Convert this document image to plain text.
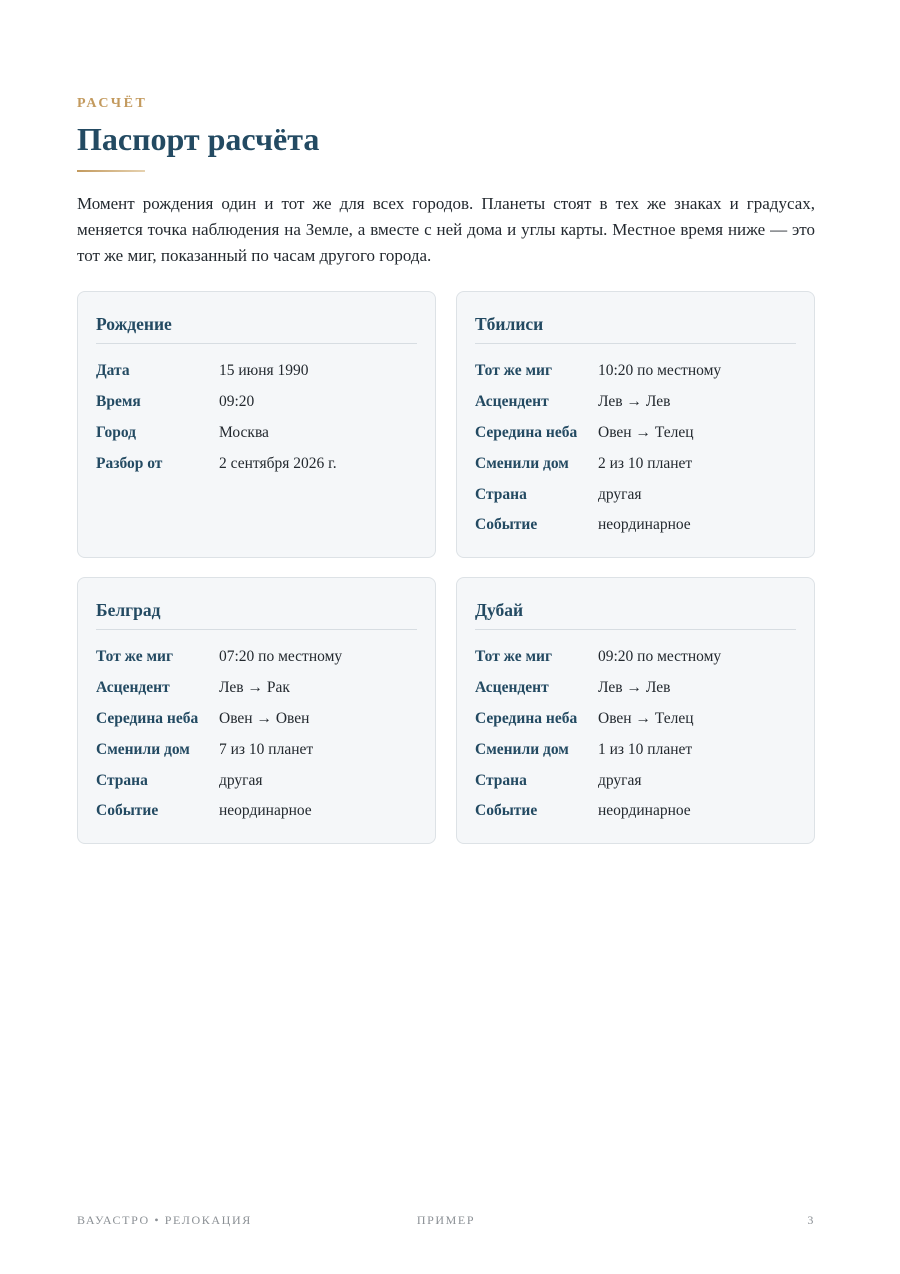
РАСЧЁТ
Паспорт расчёта

Момент рождения один и тот же для всех городов. Планеты стоят в тех же знаках и градусах, меняется точка наблюдения на Земле, а вместе с ней дома и углы карты. Местное время ниже — это тот же миг, показанный по часам другого города.

Рождение
Дата	15 июня 1990
Время	09:20
Город	Москва
Разбор от	2 сентября 2026 г.
Тбилиси
Тот же миг	10:20 по местному
Асцендент	Лев → Лев
Середина неба	Овен → Телец
Сменили дом	2 из 10 планет
Страна	другая
Событие	неординарное
Белград
Тот же миг	07:20 по местному
Асцендент	Лев → Рак
Середина неба	Овен → Овен
Сменили дом	7 из 10 планет
Страна	другая
Событие	неординарное
Дубай
Тот же миг	09:20 по местному
Асцендент	Лев → Лев
Середина неба	Овен → Телец
Сменили дом	1 из 10 планет
Страна	другая
Событие	неординарное
ВАУАСТРО • РЕЛОКАЦИЯ	ПРИМЕР	3
